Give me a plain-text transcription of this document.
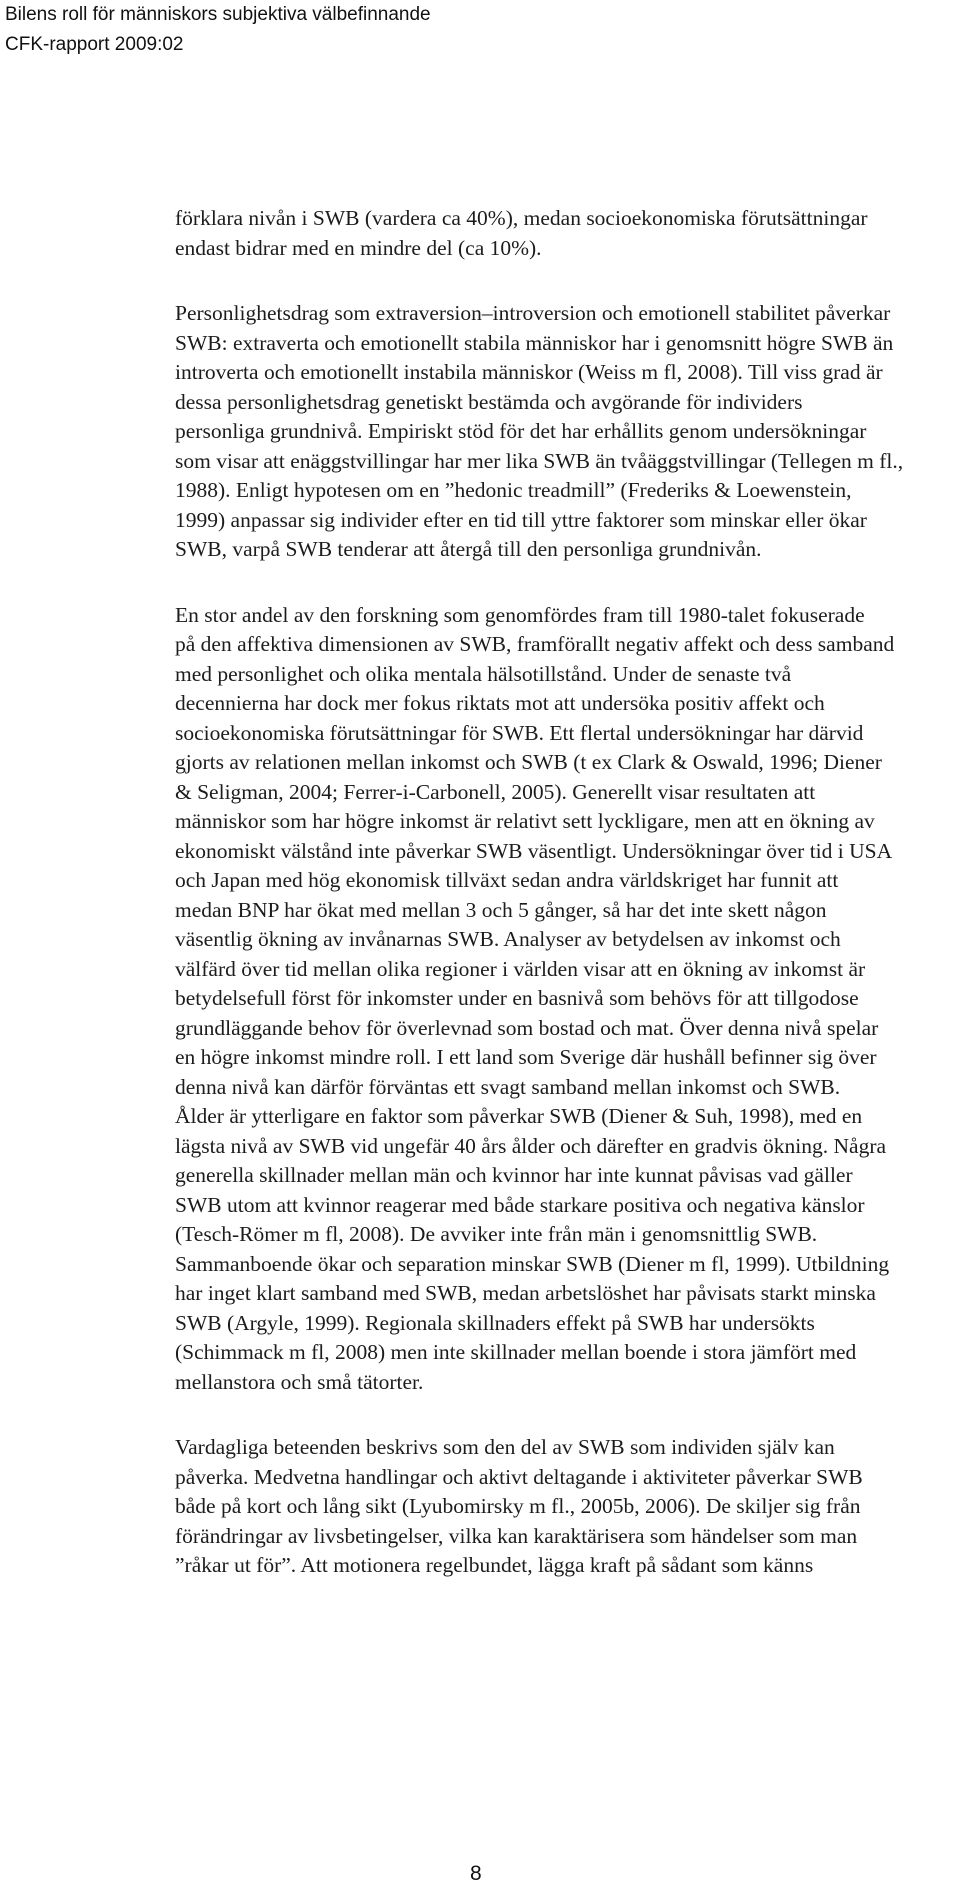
Bilens roll för människors subjektiva välbefinnande
CFK-rapport 2009:02
förklara nivån i SWB (vardera ca 40%), medan socioekonomiska förutsättningar
endast bidrar med en mindre del (ca 10%).
Personlighetsdrag som extraversion–introversion och emotionell stabilitet påverkar
SWB: extraverta och emotionellt stabila människor har i genomsnitt högre SWB än
introverta och emotionellt instabila människor (Weiss m fl, 2008). Till viss grad är
dessa personlighetsdrag genetiskt bestämda och avgörande för individers
personliga grundnivå. Empiriskt stöd för det har erhållits genom undersökningar
som visar att enäggstvillingar har mer lika SWB än tvåäggstvillingar (Tellegen m fl.,
1988). Enligt hypotesen om en ”hedonic treadmill” (Frederiks & Loewenstein,
1999) anpassar sig individer efter en tid till yttre faktorer som minskar eller ökar
SWB, varpå SWB tenderar att återgå till den personliga grundnivån.
En stor andel av den forskning som genomfördes fram till 1980-talet fokuserade
på den affektiva dimensionen av SWB, framförallt negativ affekt och dess samband
med personlighet och olika mentala hälsotillstånd. Under de senaste två
decennierna har dock mer fokus riktats mot att undersöka positiv affekt och
socioekonomiska förutsättningar för SWB. Ett flertal undersökningar har därvid
gjorts av relationen mellan inkomst och SWB (t ex Clark & Oswald, 1996; Diener
& Seligman, 2004; Ferrer-i-Carbonell, 2005). Generellt visar resultaten att
människor som har högre inkomst är relativt sett lyckligare, men att en ökning av
ekonomiskt välstånd inte påverkar SWB väsentligt. Undersökningar över tid i USA
och Japan med hög ekonomisk tillväxt sedan andra världskriget har funnit att
medan BNP har ökat med mellan 3 och 5 gånger, så har det inte skett någon
väsentlig ökning av invånarnas SWB. Analyser av betydelsen av inkomst och
välfärd över tid mellan olika regioner i världen visar att en ökning av inkomst är
betydelsefull först för inkomster under en basnivå som behövs för att tillgodose
grundläggande behov för överlevnad som bostad och mat. Över denna nivå spelar
en högre inkomst mindre roll. I ett land som Sverige där hushåll befinner sig över
denna nivå kan därför förväntas ett svagt samband mellan inkomst och SWB.
Ålder är ytterligare en faktor som påverkar SWB (Diener & Suh, 1998), med en
lägsta nivå av SWB vid ungefär 40 års ålder och därefter en gradvis ökning. Några
generella skillnader mellan män och kvinnor har inte kunnat påvisas vad gäller
SWB utom att kvinnor reagerar med både starkare positiva och negativa känslor
(Tesch-Römer m fl, 2008). De avviker inte från män i genomsnittlig SWB.
Sammanboende ökar och separation minskar SWB (Diener m fl, 1999). Utbildning
har inget klart samband med SWB, medan arbetslöshet har påvisats starkt minska
SWB (Argyle, 1999). Regionala skillnaders effekt på SWB har undersökts
(Schimmack m fl, 2008) men inte skillnader mellan boende i stora jämfört med
mellanstora och små tätorter.
Vardagliga beteenden beskrivs som den del av SWB som individen själv kan
påverka. Medvetna handlingar och aktivt deltagande i aktiviteter påverkar SWB
både på kort och lång sikt (Lyubomirsky m fl., 2005b, 2006). De skiljer sig från
förändringar av livsbetingelser, vilka kan karaktärisera som händelser som man
”råkar ut för”. Att motionera regelbundet, lägga kraft på sådant som känns
8
